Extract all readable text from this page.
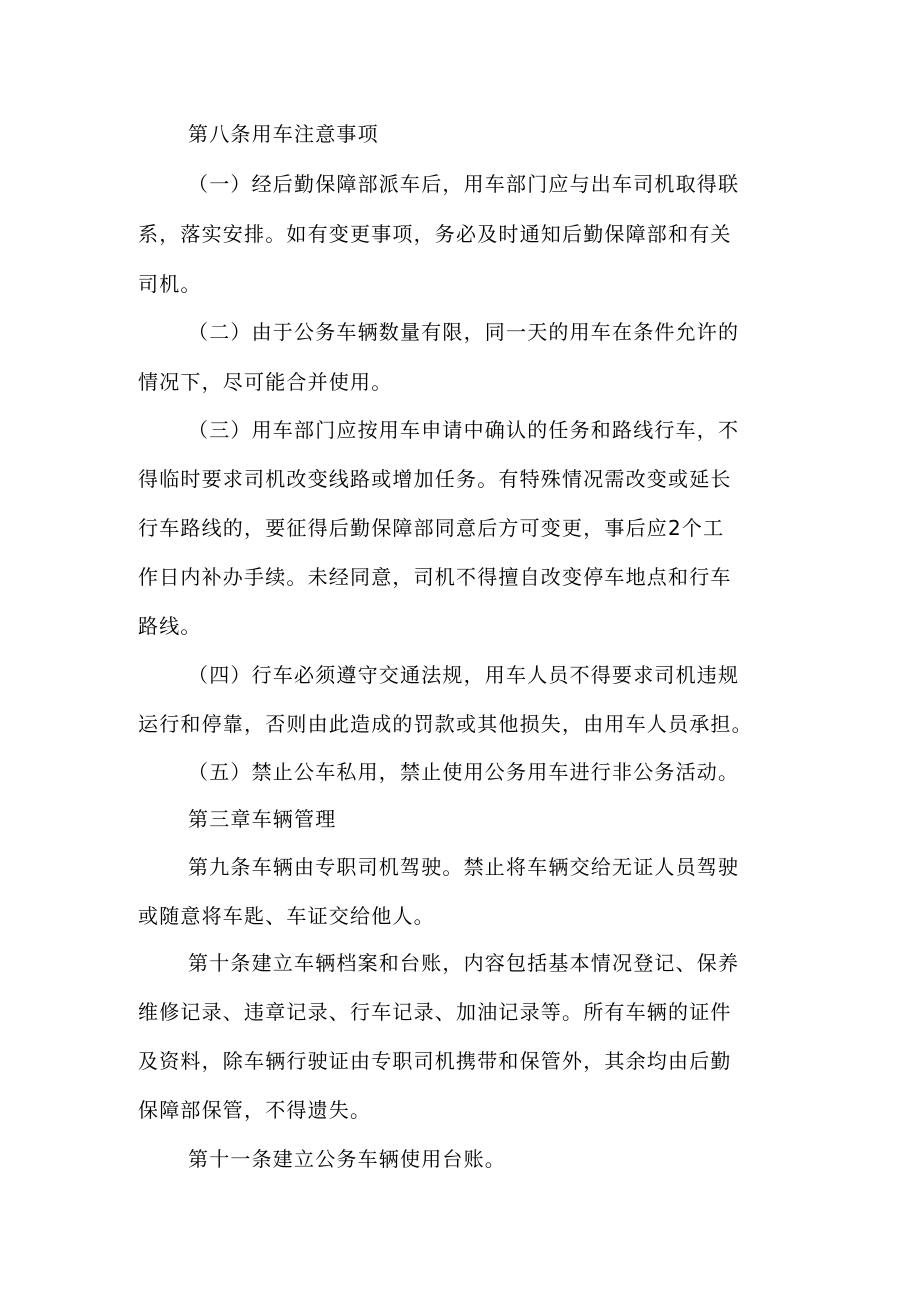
第八条用车注意事项

（一）经后勤保障部派车后，用车部门应与出车司机取得联

系，落实安排。如有变更事项，务必及时通知后勤保障部和有关

司机。

（二）由于公务车辆数量有限，同一天的用车在条件允许的

情况下，尽可能合并使用。

（三）用车部门应按用车申请中确认的任务和路线行车，不

得临时要求司机改变线路或增加任务。有特殊情况需改变或延长

行车路线的，要征得后勤保障部同意后方可变更，事后应2个工

作日内补办手续。未经同意，司机不得擅自改变停车地点和行车

路线。

（四）行车必须遵守交通法规，用车人员不得要求司机违规

运行和停靠，否则由此造成的罚款或其他损失，由用车人员承担。

（五）禁止公车私用，禁止使用公务用车进行非公务活动。

第三章车辆管理

第九条车辆由专职司机驾驶。禁止将车辆交给无证人员驾驶

或随意将车匙、车证交给他人。

第十条建立车辆档案和台账，内容包括基本情况登记、保养

维修记录、违章记录、行车记录、加油记录等。所有车辆的证件

及资料，除车辆行驶证由专职司机携带和保管外，其余均由后勤

保障部保管，不得遗失。

第十一条建立公务车辆使用台账。
